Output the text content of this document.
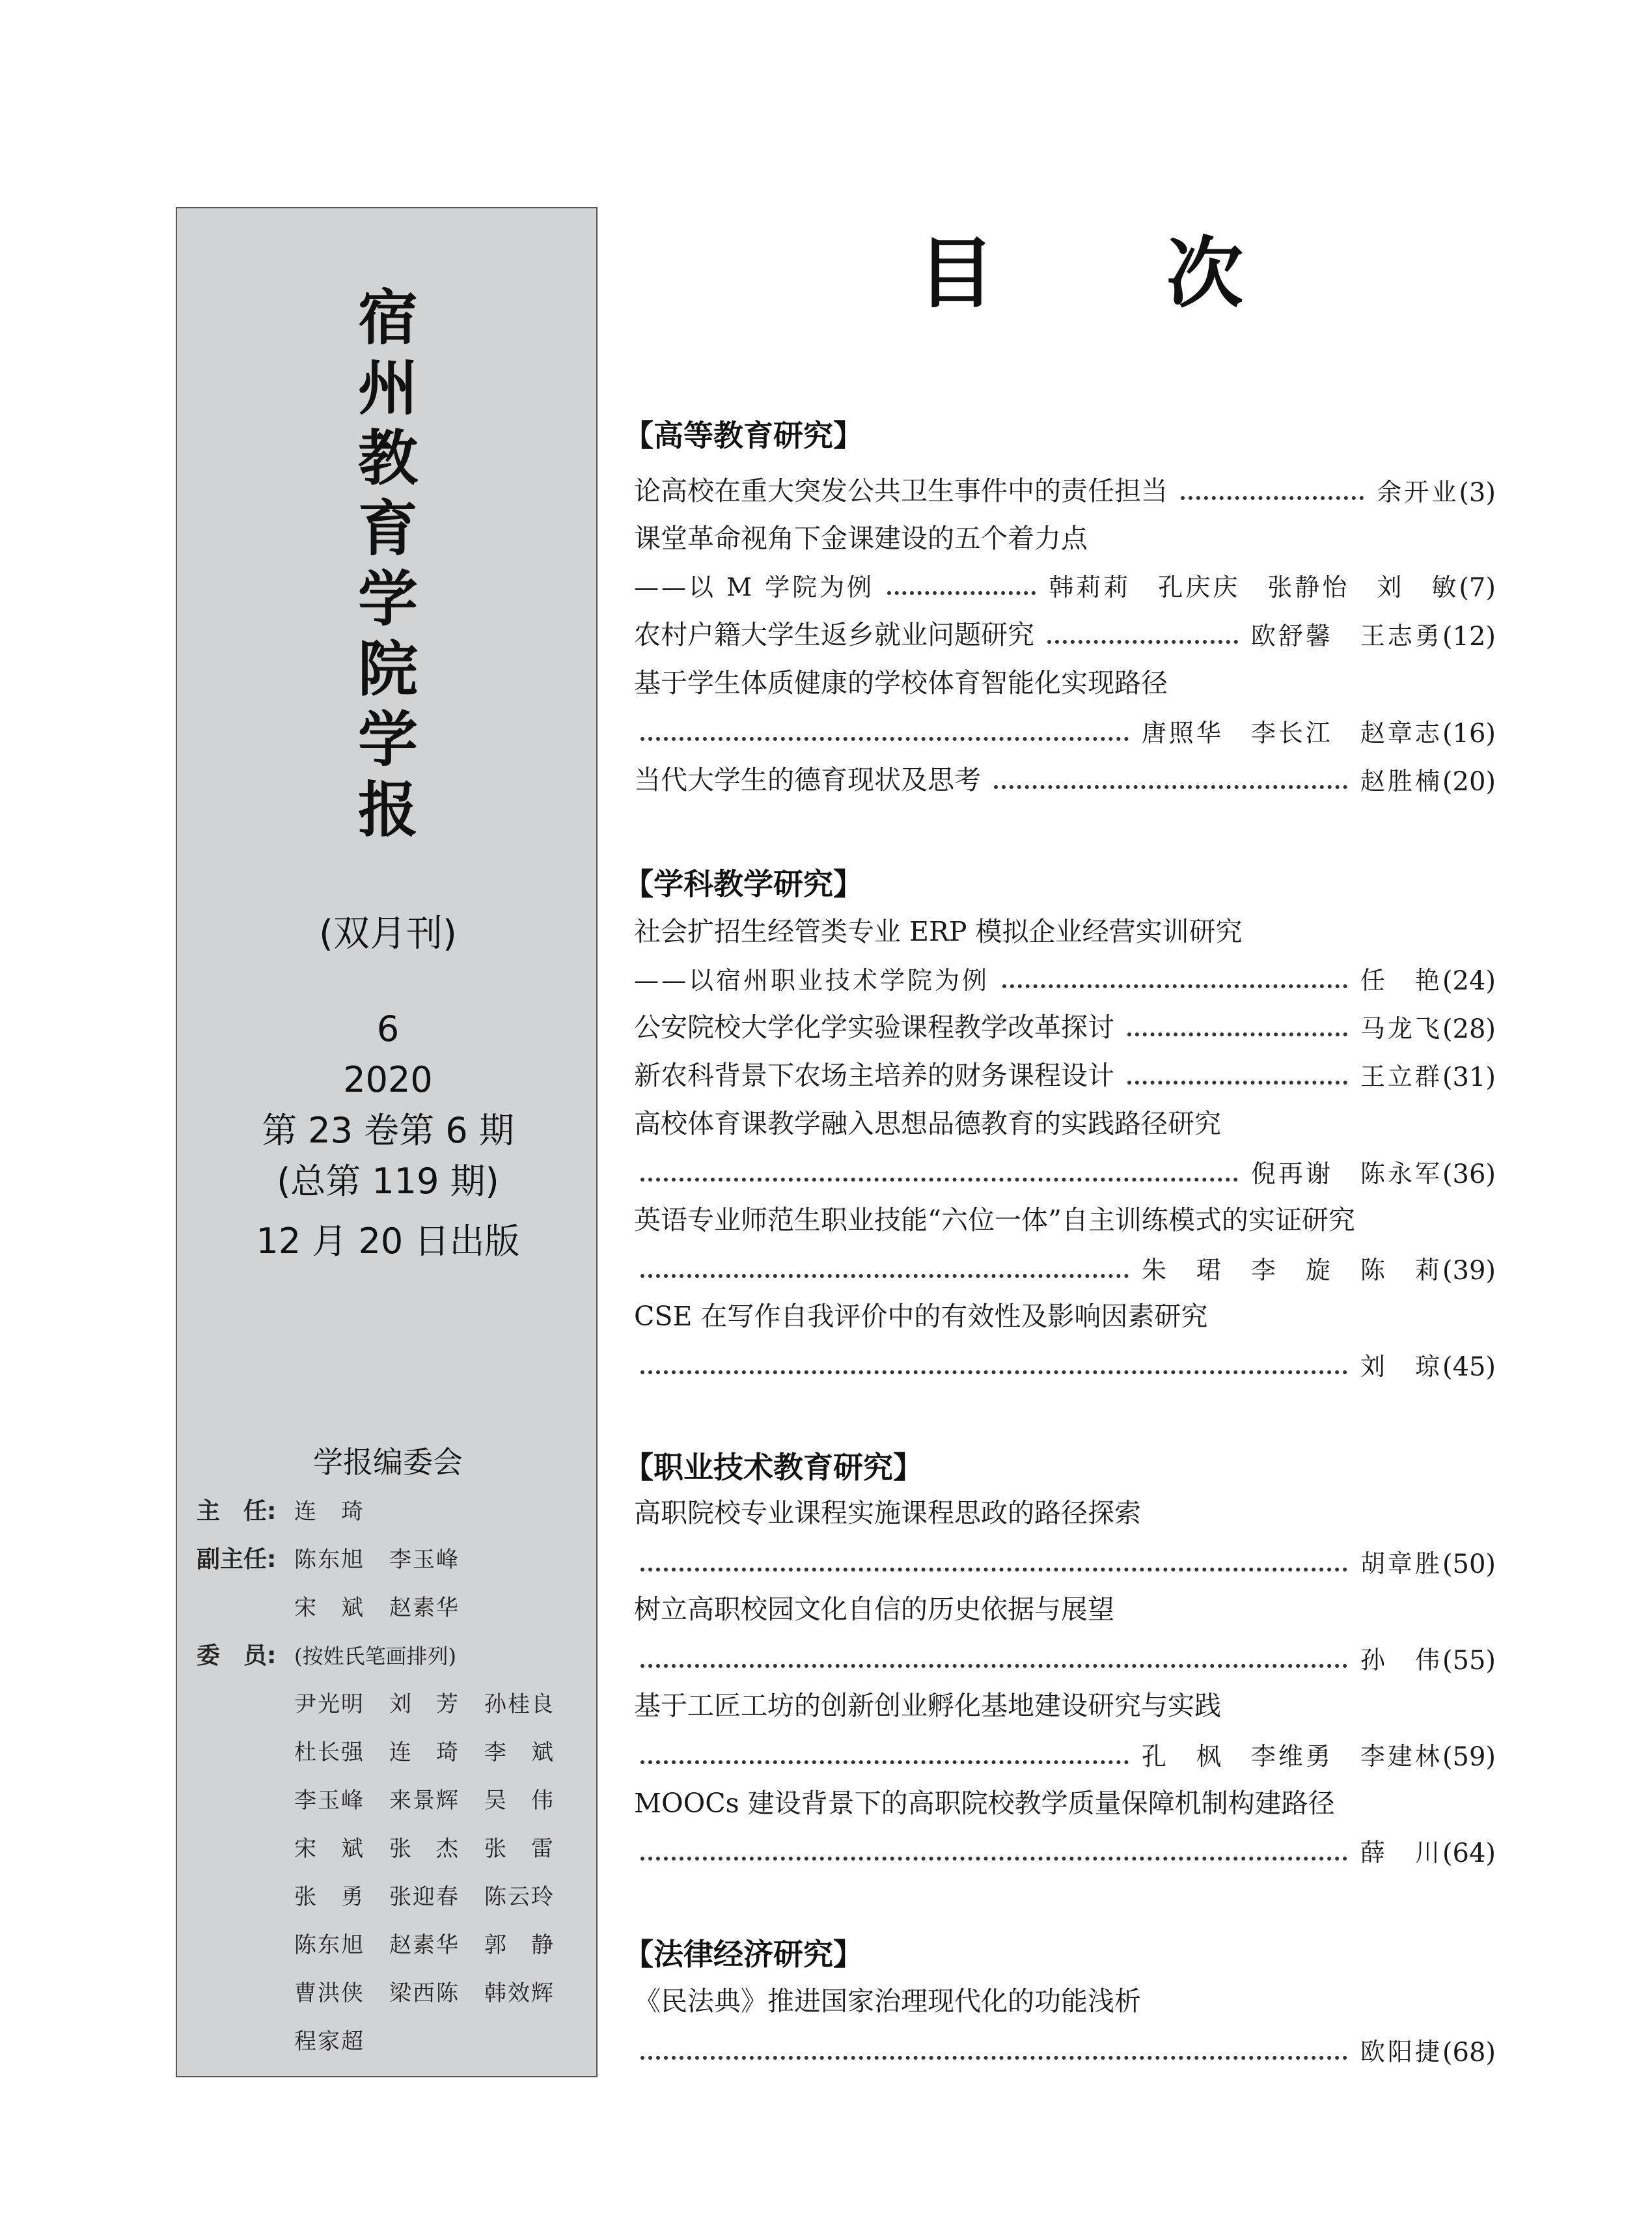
宿
州
教
育
学
院
学
报
(双月刊)
6
2020
第 23 卷第 6 期
(总第 119 期)
12 月 20 日出版
学报编委会
主　任: 连　琦
副主任: 陈东旭	李玉峰
宋　斌	赵素华
委　员: (按姓氏笔画排列)
尹光明	刘　芳	孙桂良
杜长强	连　琦	李　斌
李玉峰	来景辉	吴　伟
宋　斌	张　杰	张　雷
张　勇	张迎春	陈云玲
陈东旭	赵素华	郭　静
曹洪侠	梁西陈	韩效辉
程家超
目 次
【高等教育研究】
论高校在重大突发公共卫生事件中的责任担当	余开业 (3)
课堂革命视角下金课建设的五个着力点
——以 M 学院为例	韩莉莉　孔庆庆　张静怡　刘　敏 (7)
农村户籍大学生返乡就业问题研究	欧舒馨　王志勇 (12)
基于学生体质健康的学校体育智能化实现路径
唐照华　李长江　赵章志 (16)
当代大学生的德育现状及思考	赵胜楠 (20)
【学科教学研究】
社会扩招生经管类专业 ERP 模拟企业经营实训研究
——以宿州职业技术学院为例	任　艳 (24)
公安院校大学化学实验课程教学改革探讨	马龙飞 (28)
新农科背景下农场主培养的财务课程设计	王立群 (31)
高校体育课教学融入思想品德教育的实践路径研究
倪再谢　陈永军 (36)
英语专业师范生职业技能“六位一体”自主训练模式的实证研究
朱　珺　李　旋　陈　莉 (39)
CSE 在写作自我评价中的有效性及影响因素研究
刘　琼 (45)
【职业技术教育研究】
高职院校专业课程实施课程思政的路径探索
胡章胜 (50)
树立高职校园文化自信的历史依据与展望
孙　伟 (55)
基于工匠工坊的创新创业孵化基地建设研究与实践
孔　枫　李维勇　李建林 (59)
MOOCs 建设背景下的高职院校教学质量保障机制构建路径
薛　川 (64)
【法律经济研究】
《民法典》推进国家治理现代化的功能浅析
欧阳捷 (68)
